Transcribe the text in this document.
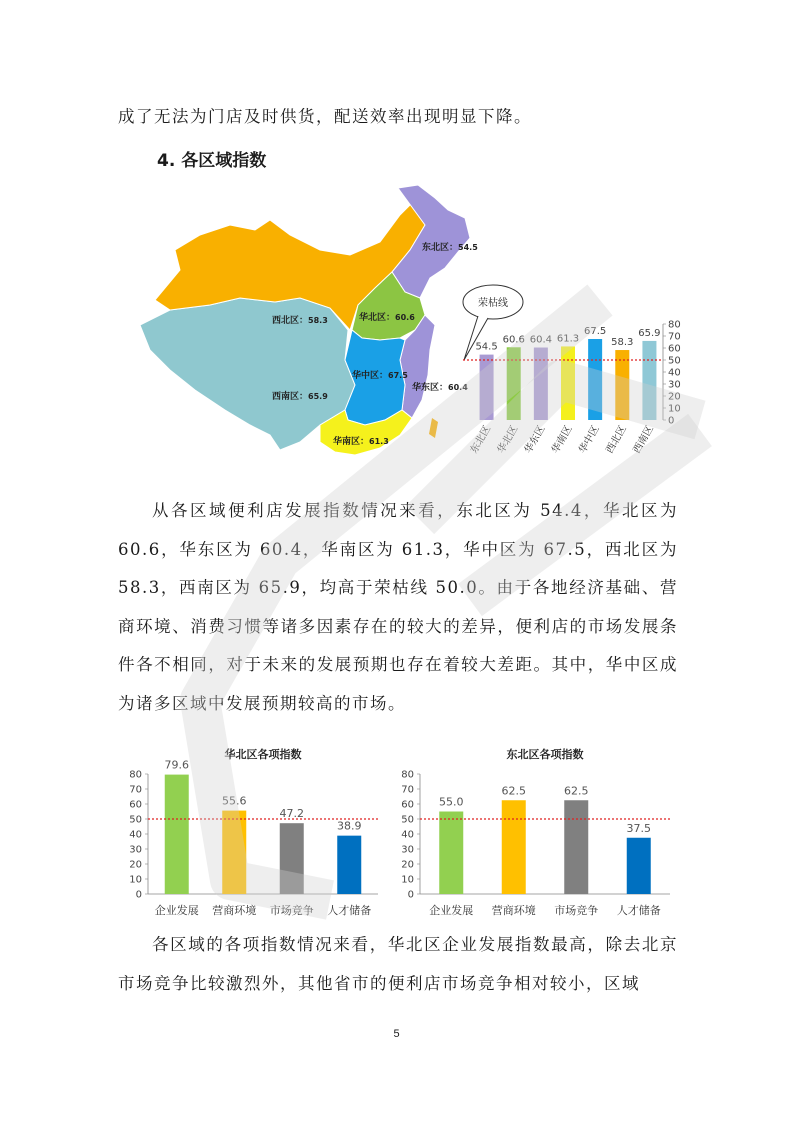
成了无法为门店及时供货，配送效率出现明显下降。

4. 各区域指数
东北区：54.5
西北区：58.3	华北区：60.6
华中区：67.5
华东区：60.4
西南区：65.9
华南区：61.3
荣枯线
0
10
20
30
40
50
60
70
80
54.5
东北区
60.6
华北区
60.4
华东区
61.3
华南区
67.5
华中区
58.3
西北区
65.9
西南区
华北区各项指数
0
10
20
30
40
50
60
70
80
79.6
企业发展
55.6
营商环境
47.2
市场竞争
38.9
人才储备
东北区各项指数
0
10
20
30
40
50
60
70
80
55.0
企业发展
62.5
营商环境
62.5
市场竞争
37.5
人才储备

从各区域便利店发展指数情况来看，东北区为 54.4，华北区为 60.6，华东区为 60.4，华南区为 61.3，华中区为 67.5，西北区为 58.3，西南区为 65.9，均高于荣枯线 50.0。由于各地经济基础、营商环境、消费习惯等诸多因素存在的较大的差异，便利店的市场发展条件各不相同，对于未来的发展预期也存在着较大差距。其中，华中区成为诸多区域中发展预期较高的市场。

各区域的各项指数情况来看，华北区企业发展指数最高，除去北京市场竞争比较激烈外，其他省市的便利店市场竞争相对较小，区域

5
